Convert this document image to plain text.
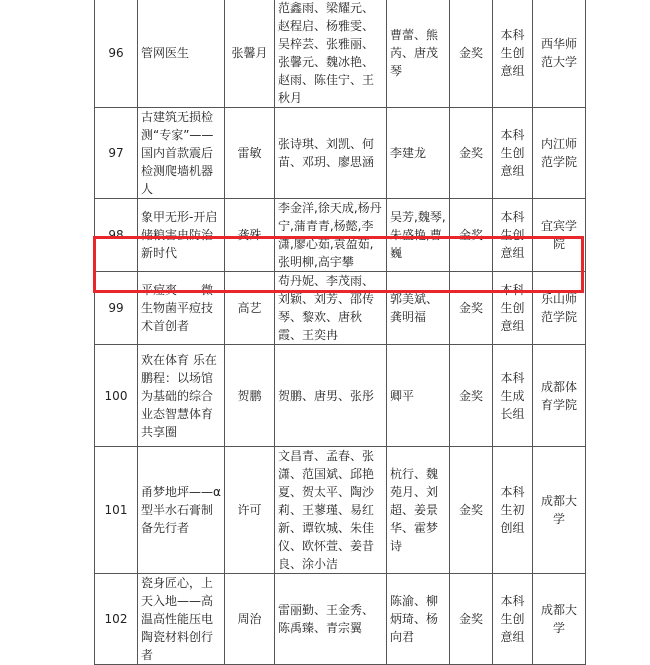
96	管网医生	张馨月	范鑫雨、梁耀元、赵程启、杨雅雯、吴梓芸、张雅丽、张馨元、魏冰艳、赵雨、陈佳宁、王秋月	曹蕾、熊芮、唐茂琴	金奖	本科生创意组	西华师范大学
97	古建筑无损检测“专家”——国内首款震后检测爬墙机器人	雷敏	张诗琪、刘凯、何苗、邓玥、廖思涵	李建龙	金奖	本科生创意组	内江师范学院
98	象甲无形-开启储粮害虫防治新时代	龚殊	李金洋,徐天成,杨丹宁,蒲青青,杨懿,李潇,廖心茹,袁盈茹,张明柳,高宇攀	吴芳,魏琴,朱盛艳,曹巍	金奖	本科生创意组	宜宾学院
99	平痘爽——微生物菌平痘技术首创者	高艺	苟丹妮、李茂雨、刘颖、刘芳、邵传琴、黎欢、唐秋霞、王奕冉	郭美斌、龚明福	金奖	本科生创意组	乐山师范学院
100	欢在体育 乐在鹏程：以场馆为基础的综合业态智慧体育共享圈	贺鹏	贺鹏、唐男、张彤	卿平	金奖	本科生成长组	成都体育学院
101	甬梦地坪——α型半水石膏制备先行者	许可	文昌青、孟春、张潇、范国斌、邱艳夏、贺太平、陶沙莉、王蓼瑾、易红新、谭钦城、朱佳仪、欧怀萱、姜昔良、涂小洁	杭行、魏苑月、刘超、姜景华、霍梦诗	金奖	本科生初创组	成都大学
102	瓷身匠心，上天入地——高温高性能压电陶瓷材料创行者	周治	雷丽勤、王金秀、陈禹臻、青宗翼	陈渝、柳炳琦、杨向君	金奖	本科生创意组	成都大学
